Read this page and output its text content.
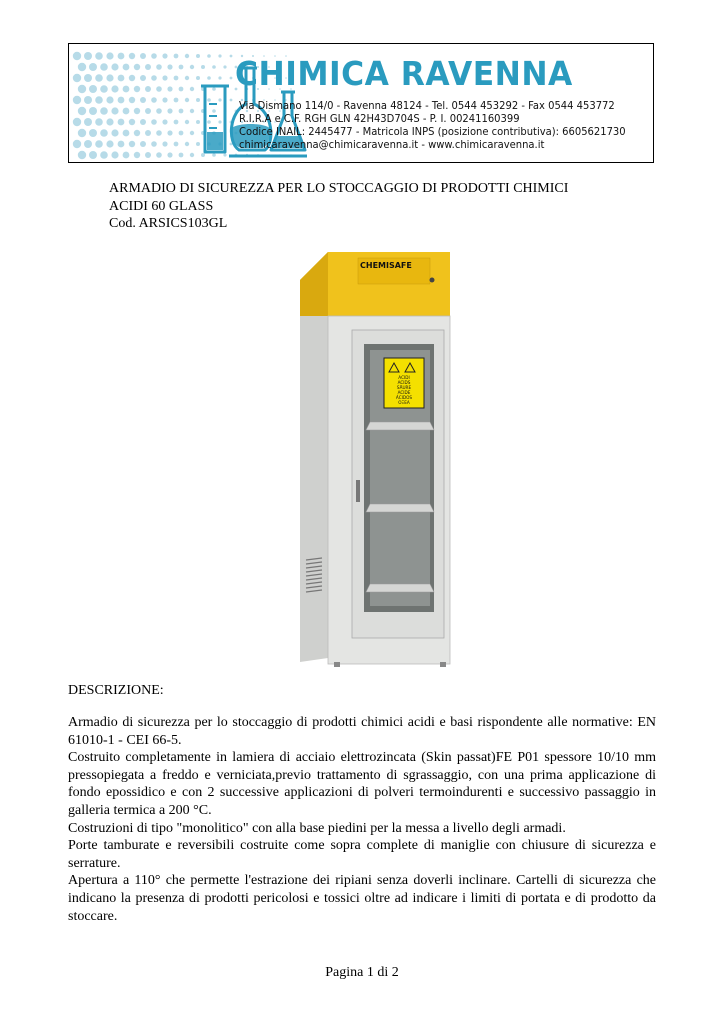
CHIMICA RAVENNA
Via Dismano 114/0 - Ravenna 48124 - Tel. 0544 453292 - Fax 0544 453772
R.I.R.A e C.F. RGH GLN 42H43D704S - P. I. 00241160399
Codice INAIL: 2445477 - Matricola INPS (posizione contributiva): 6605621730
chimicaravenna@chimicaravenna.it - www.chimicaravenna.it
ARMADIO DI SICUREZZA PER LO STOCCAGGIO DI PRODOTTI CHIMICI
ACIDI 60 GLASS
Cod. ARSICS103GL
CHEMISAFE
ACIDI
ACIDS
SÄURE
ACIDE
ÁCIDOS
ΟΞΕΑ
DESCRIZIONE:

Armadio di sicurezza per lo stoccaggio di prodotti chimici acidi e basi rispondente alle normative: EN 61010-1 - CEI 66-5.

Costruito completamente in lamiera di acciaio elettrozincata (Skin passat)FE P01 spessore 10/10 mm pressopiegata a freddo e verniciata,previo trattamento di sgrassaggio, con una prima applicazione di fondo epossidico e con 2 successive applicazioni di polveri termoindurenti e successivo passaggio in galleria termica a 200 °C.

Costruzioni di tipo "monolitico" con alla base piedini per la messa a livello degli armadi.

Porte tamburate e reversibili costruite come sopra complete di maniglie con chiusure di sicurezza e serrature.

Apertura a 110° che permette l'estrazione dei ripiani senza doverli inclinare. Cartelli di sicurezza che indicano la presenza di prodotti pericolosi e tossici oltre ad indicare i limiti di portata e di prodotto da stoccare.

Pagina 1 di 2
